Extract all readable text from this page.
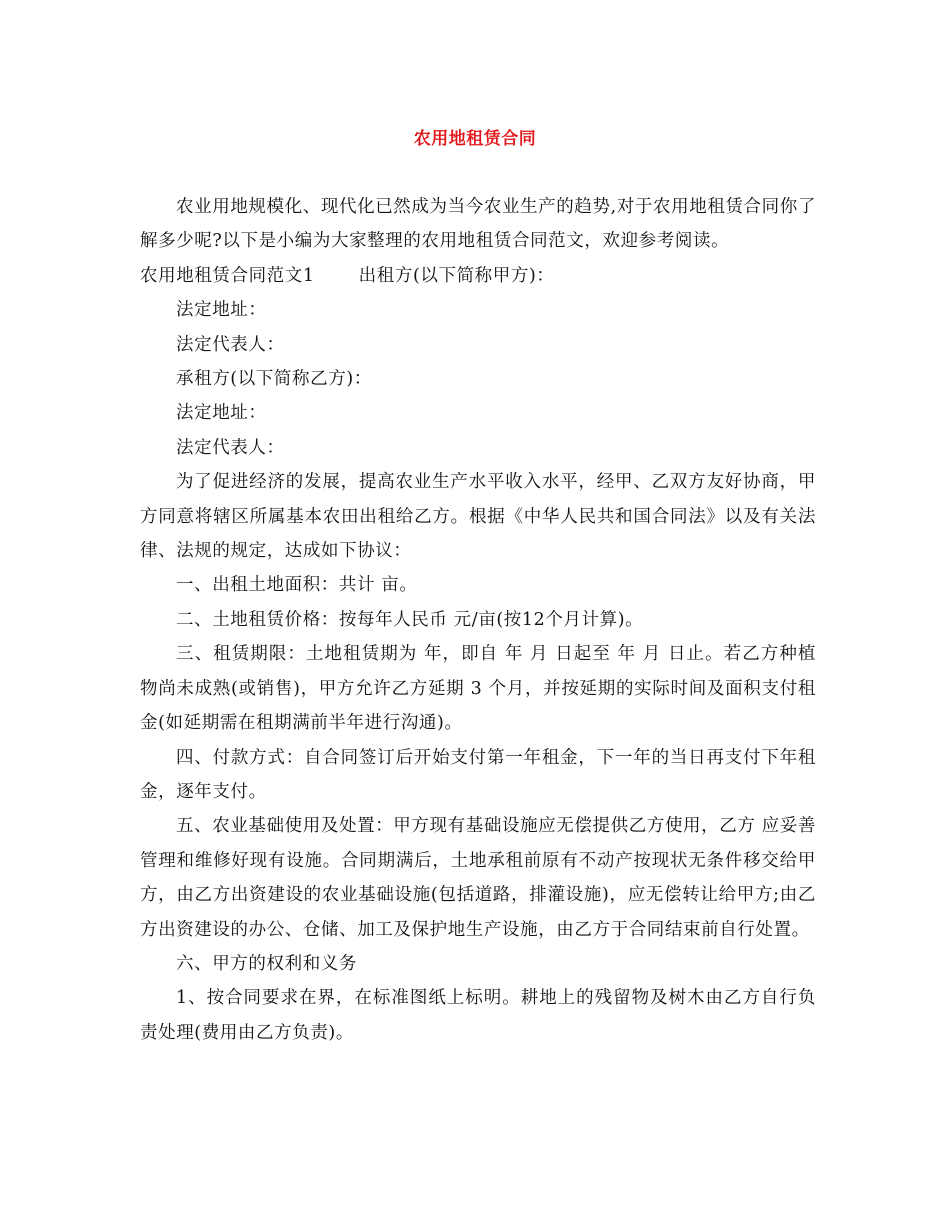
农用地租赁合同

农业用地规模化、现代化已然成为当今农业生产的趋势,对于农用地租赁合同你了解多少呢?以下是小编为大家整理的农用地租赁合同范文，欢迎参考阅读。

农用地租赁合同范文1	出租方(以下简称甲方)：

法定地址：

法定代表人：

承租方(以下简称乙方)：

法定地址：

法定代表人：

为了促进经济的发展，提高农业生产水平收入水平，经甲、乙双方友好协商，甲方同意将辖区所属基本农田出租给乙方。根据《中华人民共和国合同法》以及有关法律、法规的规定，达成如下协议：

一、出租土地面积：共计 亩。

二、土地租赁价格：按每年人民币 元/亩(按12个月计算)。

三、租赁期限：土地租赁期为 年，即自 年 月 日起至 年 月 日止。若乙方种植物尚未成熟(或销售)，甲方允许乙方延期 3 个月，并按延期的实际时间及面积支付租金(如延期需在租期满前半年进行沟通)。

四、付款方式：自合同签订后开始支付第一年租金，下一年的当日再支付下年租金，逐年支付。

五、农业基础使用及处置：甲方现有基础设施应无偿提供乙方使用，乙方 应妥善管理和维修好现有设施。合同期满后，土地承租前原有不动产按现状无条件移交给甲方，由乙方出资建设的农业基础设施(包括道路，排灌设施)，应无偿转让给甲方;由乙方出资建设的办公、仓储、加工及保护地生产设施，由乙方于合同结束前自行处置。

六、甲方的权利和义务

1、按合同要求在界，在标准图纸上标明。耕地上的残留物及树木由乙方自行负责处理(费用由乙方负责)。
